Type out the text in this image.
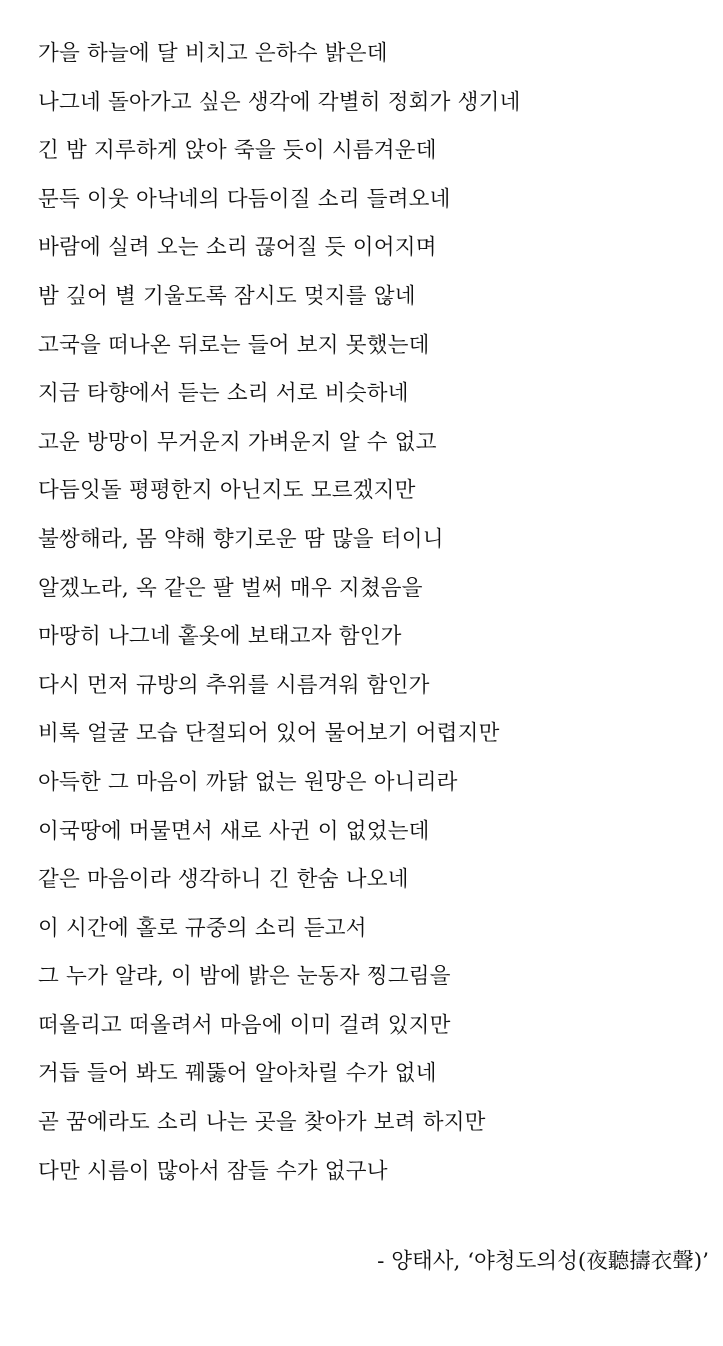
가을 하늘에 달 비치고 은하수 밝은데
나그네 돌아가고 싶은 생각에 각별히 정회가 생기네
긴 밤 지루하게 앉아 죽을 듯이 시름겨운데
문득 이웃 아낙네의 다듬이질 소리 들려오네
바람에 실려 오는 소리 끊어질 듯 이어지며
밤 깊어 별 기울도록 잠시도 멎지를 않네
고국을 떠나온 뒤로는 들어 보지 못했는데
지금 타향에서 듣는 소리 서로 비슷하네
고운 방망이 무거운지 가벼운지 알 수 없고
다듬잇돌 평평한지 아닌지도 모르겠지만
불쌍해라, 몸 약해 향기로운 땀 많을 터이니
알겠노라, 옥 같은 팔 벌써 매우 지쳤음을
마땅히 나그네 홑옷에 보태고자 함인가
다시 먼저 규방의 추위를 시름겨워 함인가
비록 얼굴 모습 단절되어 있어 물어보기 어렵지만
아득한 그 마음이 까닭 없는 원망은 아니리라
이국땅에 머물면서 새로 사귄 이 없었는데
같은 마음이라 생각하니 긴 한숨 나오네
이 시간에 홀로 규중의 소리 듣고서
그 누가 알랴, 이 밤에 밝은 눈동자 찡그림을
떠올리고 떠올려서 마음에 이미 걸려 있지만
거듭 들어 봐도 꿰뚫어 알아차릴 수가 없네
곧 꿈에라도 소리 나는 곳을 찾아가 보려 하지만
다만 시름이 많아서 잠들 수가 없구나
- 양태사, ‘야청도의성(夜聽擣衣聲)’
